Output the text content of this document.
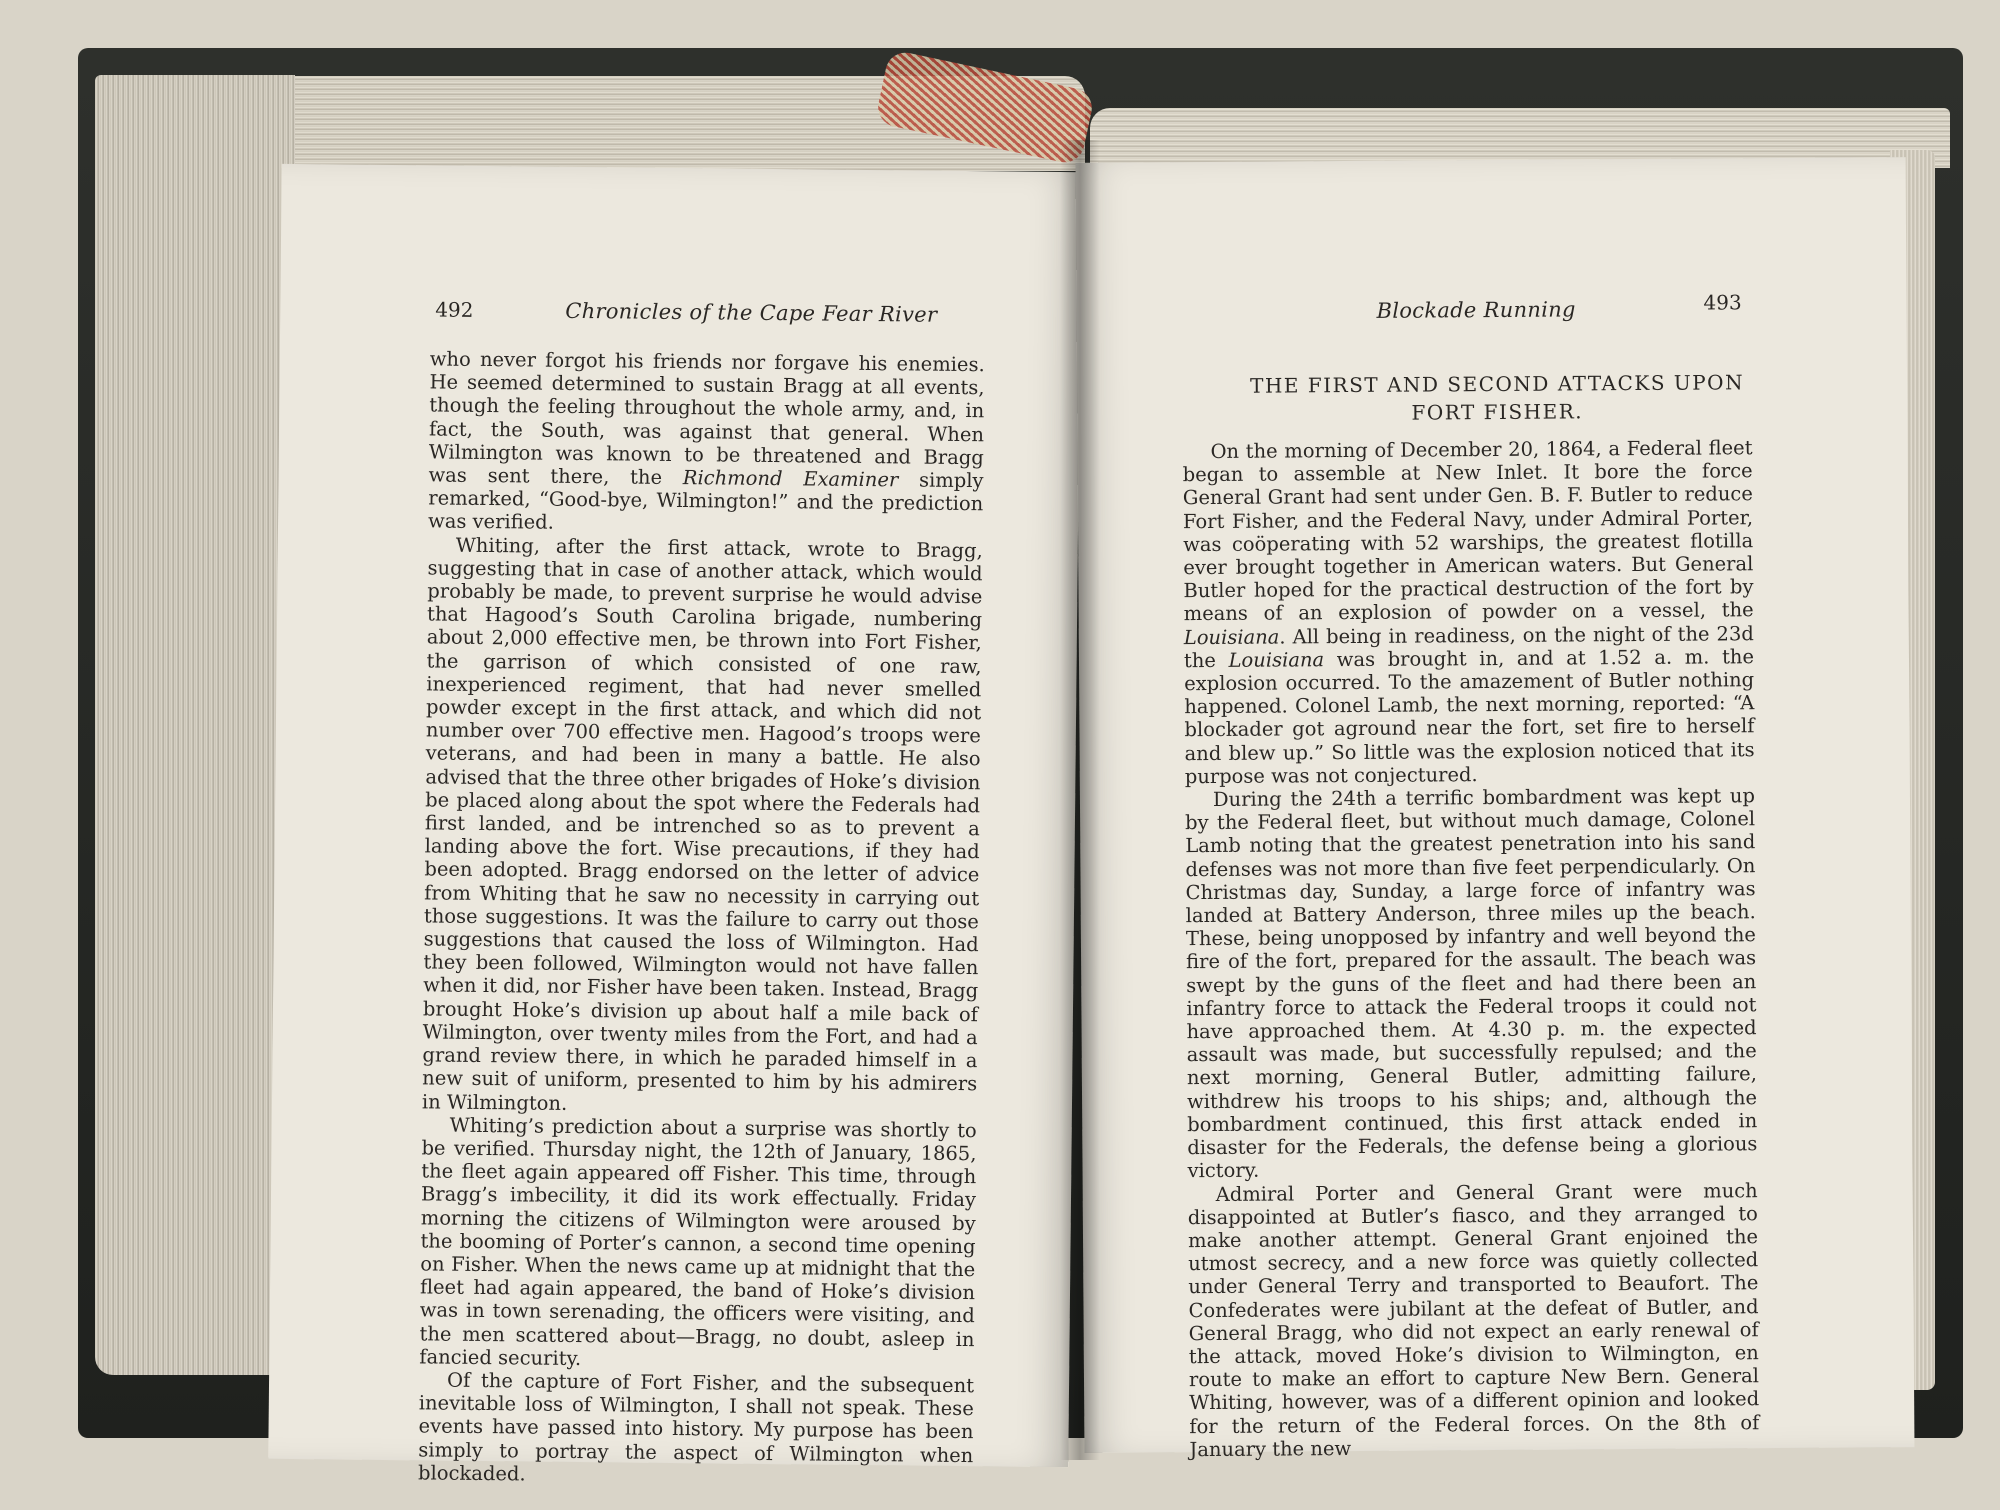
492	Chronicles of the Cape Fear River

who never forgot his friends nor forgave his enemies. He seemed determined to sustain Bragg at all events, though the feeling throughout the whole army, and, in fact, the South, was against that general. When Wilmington was known to be threatened and Bragg was sent there, the Richmond Examiner simply remarked, “Good-bye, Wilmington!” and the prediction was verified.

Whiting, after the first attack, wrote to Bragg, suggesting that in case of another attack, which would probably be made, to prevent surprise he would advise that Hagood’s South Carolina brigade, numbering about 2,000 effective men, be thrown into Fort Fisher, the garrison of which consisted of one raw, inexperienced regiment, that had never smelled powder except in the first attack, and which did not number over 700 effective men. Hagood’s troops were veterans, and had been in many a battle. He also advised that the three other brigades of Hoke’s division be placed along about the spot where the Federals had first landed, and be intrenched so as to prevent a landing above the fort. Wise precautions, if they had been adopted. Bragg endorsed on the letter of advice from Whiting that he saw no necessity in carrying out those suggestions. It was the failure to carry out those suggestions that caused the loss of Wilmington. Had they been followed, Wilmington would not have fallen when it did, nor Fisher have been taken. Instead, Bragg brought Hoke’s division up about half a mile back of Wilmington, over twenty miles from the Fort, and had a grand review there, in which he paraded himself in a new suit of uniform, presented to him by his admirers in Wilmington.

Whiting’s prediction about a surprise was shortly to be verified. Thursday night, the 12th of January, 1865, the fleet again appeared off Fisher. This time, through Bragg’s imbecility, it did its work effectually. Friday morning the citizens of Wilmington were aroused by the booming of Porter’s cannon, a second time opening on Fisher. When the news came up at midnight that the fleet had again appeared, the band of Hoke’s division was in town serenading, the officers were visiting, and the men scattered about—Bragg, no doubt, asleep in fancied security.

Of the capture of Fort Fisher, and the subsequent inevitable loss of Wilmington, I shall not speak. These events have passed into history. My purpose has been simply to portray the aspect of Wilmington when blockaded.

Blockade Running	493
THE FIRST AND SECOND ATTACKS UPON
FORT FISHER.

On the morning of December 20, 1864, a Federal fleet began to assemble at New Inlet. It bore the force General Grant had sent under Gen. B. F. Butler to reduce Fort Fisher, and the Federal Navy, under Admiral Porter, was coöperating with 52 warships, the greatest flotilla ever brought together in American waters. But General Butler hoped for the practical destruction of the fort by means of an explosion of powder on a vessel, the Louisiana. All being in readiness, on the night of the 23d the Louisiana was brought in, and at 1.52 a. m. the explosion occurred. To the amazement of Butler nothing happened. Colonel Lamb, the next morning, reported: “A blockader got aground near the fort, set fire to herself and blew up.” So little was the explosion noticed that its purpose was not conjectured.

During the 24th a terrific bombardment was kept up by the Federal fleet, but without much damage, Colonel Lamb noting that the greatest penetration into his sand defenses was not more than five feet perpendicularly. On Christmas day, Sunday, a large force of infantry was landed at Battery Anderson, three miles up the beach. These, being unopposed by infantry and well beyond the fire of the fort, prepared for the assault. The beach was swept by the guns of the fleet and had there been an infantry force to attack the Federal troops it could not have approached them. At 4.30 p. m. the expected assault was made, but successfully repulsed; and the next morning, General Butler, admitting failure, withdrew his troops to his ships; and, although the bombardment continued, this first attack ended in disaster for the Federals, the defense being a glorious victory.

Admiral Porter and General Grant were much disappointed at Butler’s fiasco, and they arranged to make another attempt. General Grant enjoined the utmost secrecy, and a new force was quietly collected under General Terry and transported to Beaufort. The Confederates were jubilant at the defeat of Butler, and General Bragg, who did not expect an early renewal of the attack, moved Hoke’s division to Wilmington, en route to make an effort to capture New Bern. General Whiting, however, was of a different opinion and looked for the return of the Federal forces. On the 8th of January the new
